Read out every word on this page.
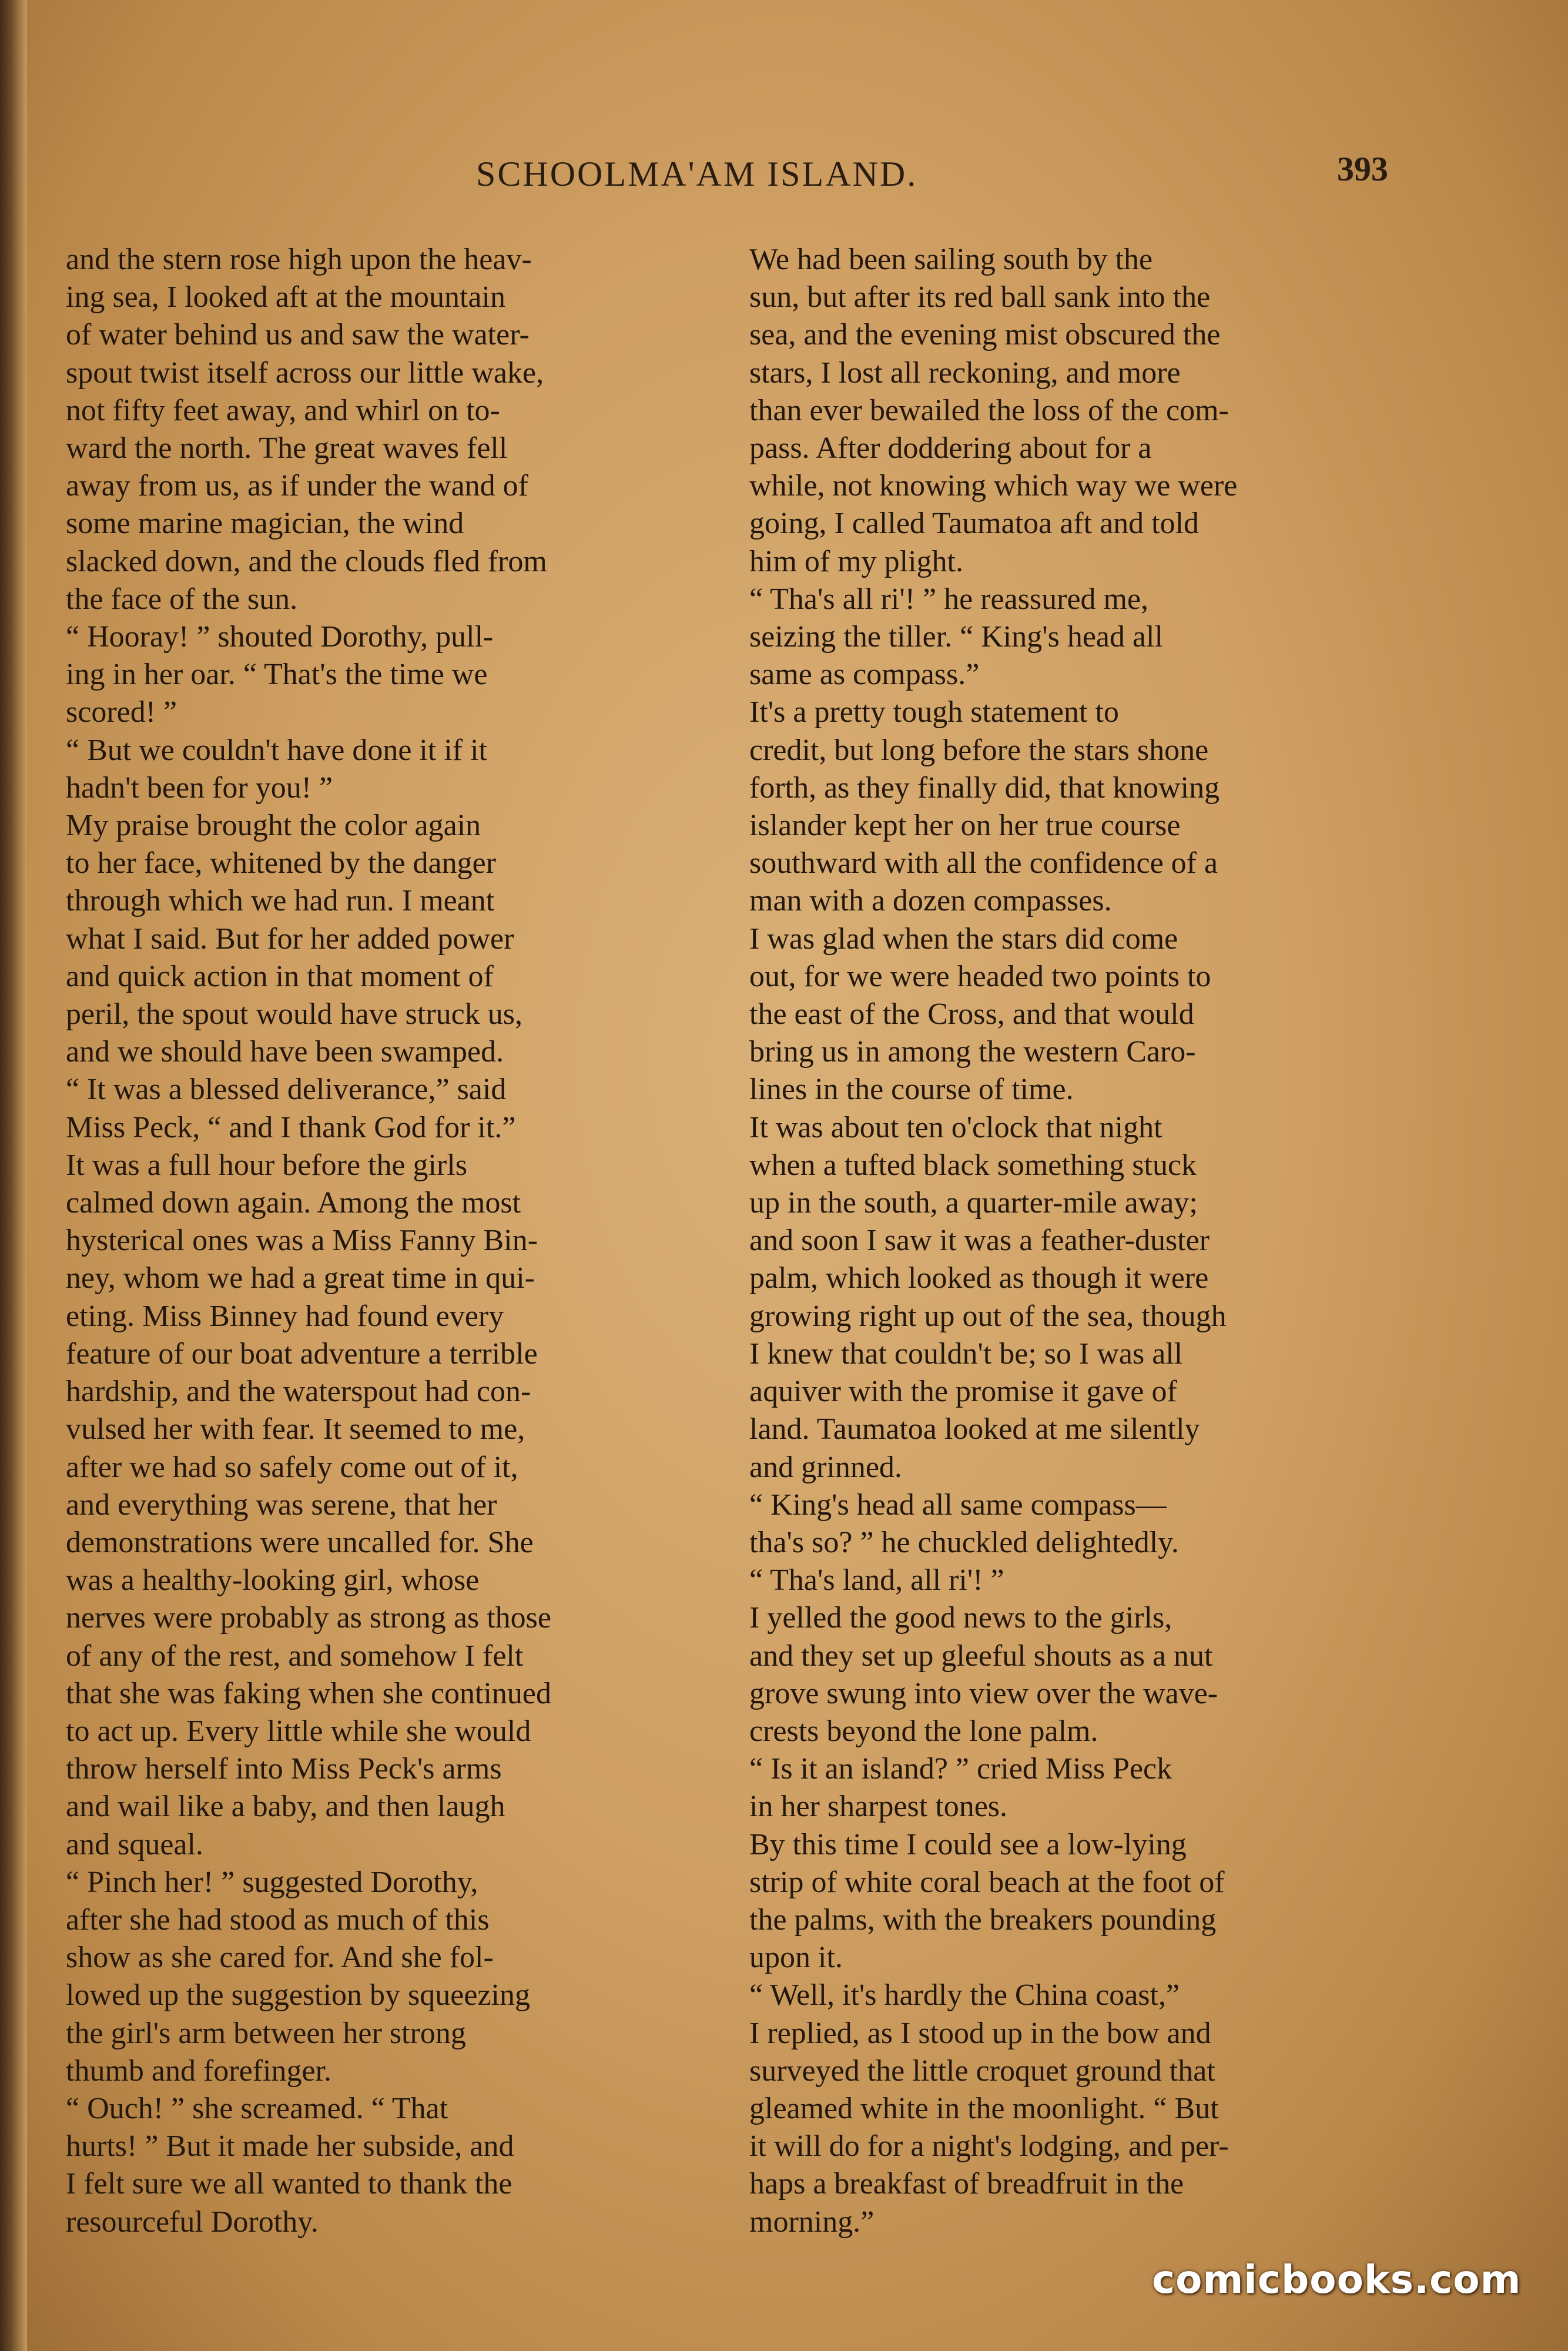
SCHOOLMA'AM ISLAND.	393

and the stern rose high upon the heav-
ing sea, I looked aft at the mountain
of water behind us and saw the water-
spout twist itself across our little wake,
not fifty feet away, and whirl on to-
ward the north. The great waves fell
away from us, as if under the wand of
some marine magician, the wind
slacked down, and the clouds fled from
the face of the sun.
“ Hooray! ” shouted Dorothy, pull-
ing in her oar. “ That's the time we
scored! ”
“ But we couldn't have done it if it
hadn't been for you! ”
My praise brought the color again
to her face, whitened by the danger
through which we had run. I meant
what I said. But for her added power
and quick action in that moment of
peril, the spout would have struck us,
and we should have been swamped.
“ It was a blessed deliverance,” said
Miss Peck, “ and I thank God for it.”
It was a full hour before the girls
calmed down again. Among the most
hysterical ones was a Miss Fanny Bin-
ney, whom we had a great time in qui-
eting. Miss Binney had found every
feature of our boat adventure a terrible
hardship, and the waterspout had con-
vulsed her with fear. It seemed to me,
after we had so safely come out of it,
and everything was serene, that her
demonstrations were uncalled for. She
was a healthy-looking girl, whose
nerves were probably as strong as those
of any of the rest, and somehow I felt
that she was faking when she continued
to act up. Every little while she would
throw herself into Miss Peck's arms
and wail like a baby, and then laugh
and squeal.
“ Pinch her! ” suggested Dorothy,
after she had stood as much of this
show as she cared for. And she fol-
lowed up the suggestion by squeezing
the girl's arm between her strong
thumb and forefinger.
“ Ouch! ” she screamed. “ That
hurts! ” But it made her subside, and
I felt sure we all wanted to thank the
resourceful Dorothy.

We had been sailing south by the
sun, but after its red ball sank into the
sea, and the evening mist obscured the
stars, I lost all reckoning, and more
than ever bewailed the loss of the com-
pass. After doddering about for a
while, not knowing which way we were
going, I called Taumatoa aft and told
him of my plight.
“ Tha's all ri'! ” he reassured me,
seizing the tiller. “ King's head all
same as compass.”
It's a pretty tough statement to
credit, but long before the stars shone
forth, as they finally did, that knowing
islander kept her on her true course
southward with all the confidence of a
man with a dozen compasses.
I was glad when the stars did come
out, for we were headed two points to
the east of the Cross, and that would
bring us in among the western Caro-
lines in the course of time.
It was about ten o'clock that night
when a tufted black something stuck
up in the south, a quarter-mile away;
and soon I saw it was a feather-duster
palm, which looked as though it were
growing right up out of the sea, though
I knew that couldn't be; so I was all
aquiver with the promise it gave of
land. Taumatoa looked at me silently
and grinned.
“ King's head all same compass—
tha's so? ” he chuckled delightedly.
“ Tha's land, all ri'! ”
I yelled the good news to the girls,
and they set up gleeful shouts as a nut
grove swung into view over the wave-
crests beyond the lone palm.
“ Is it an island? ” cried Miss Peck
in her sharpest tones.
By this time I could see a low-lying
strip of white coral beach at the foot of
the palms, with the breakers pounding
upon it.
“ Well, it's hardly the China coast,”
I replied, as I stood up in the bow and
surveyed the little croquet ground that
gleamed white in the moonlight. “ But
it will do for a night's lodging, and per-
haps a breakfast of breadfruit in the
morning.”

comicbooks.com
